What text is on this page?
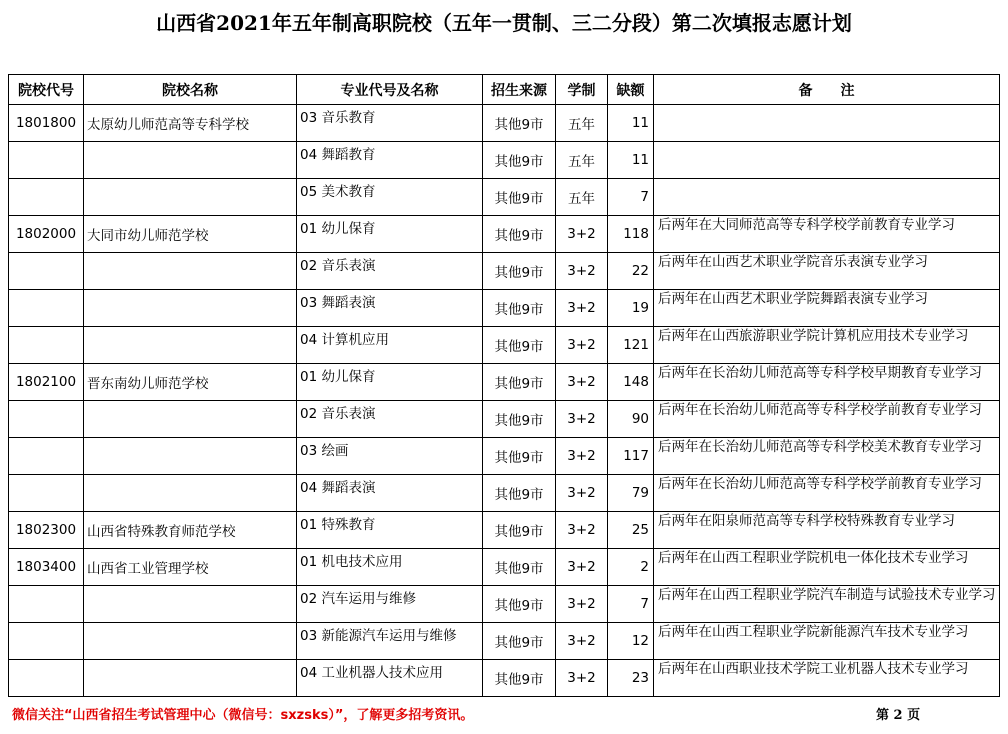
山西省2021年五年制高职院校（五年一贯制、三二分段）第二次填报志愿计划
院校代号	院校名称	专业代号及名称	招生来源	学制	缺额	备　　注
1801800	太原幼儿师范高等专科学校	03 音乐教育	其他9市	五年	11	
		04 舞蹈教育	其他9市	五年	11	
		05 美术教育	其他9市	五年	7	
1802000	大同市幼儿师范学校	01 幼儿保育	其他9市	3+2	118	后两年在大同师范高等专科学校学前教育专业学习
		02 音乐表演	其他9市	3+2	22	后两年在山西艺术职业学院音乐表演专业学习
		03 舞蹈表演	其他9市	3+2	19	后两年在山西艺术职业学院舞蹈表演专业学习
		04 计算机应用	其他9市	3+2	121	后两年在山西旅游职业学院计算机应用技术专业学习
1802100	晋东南幼儿师范学校	01 幼儿保育	其他9市	3+2	148	后两年在长治幼儿师范高等专科学校早期教育专业学习
		02 音乐表演	其他9市	3+2	90	后两年在长治幼儿师范高等专科学校学前教育专业学习
		03 绘画	其他9市	3+2	117	后两年在长治幼儿师范高等专科学校美术教育专业学习
		04 舞蹈表演	其他9市	3+2	79	后两年在长治幼儿师范高等专科学校学前教育专业学习
1802300	山西省特殊教育师范学校	01 特殊教育	其他9市	3+2	25	后两年在阳泉师范高等专科学校特殊教育专业学习
1803400	山西省工业管理学校	01 机电技术应用	其他9市	3+2	2	后两年在山西工程职业学院机电一体化技术专业学习
		02 汽车运用与维修	其他9市	3+2	7	后两年在山西工程职业学院汽车制造与试验技术专业学习
		03 新能源汽车运用与维修	其他9市	3+2	12	后两年在山西工程职业学院新能源汽车技术专业学习
		04 工业机器人技术应用	其他9市	3+2	23	后两年在山西职业技术学院工业机器人技术专业学习
微信关注“山西省招生考试管理中心（微信号：sxzsks）”，了解更多招考资讯。	第 2 页
